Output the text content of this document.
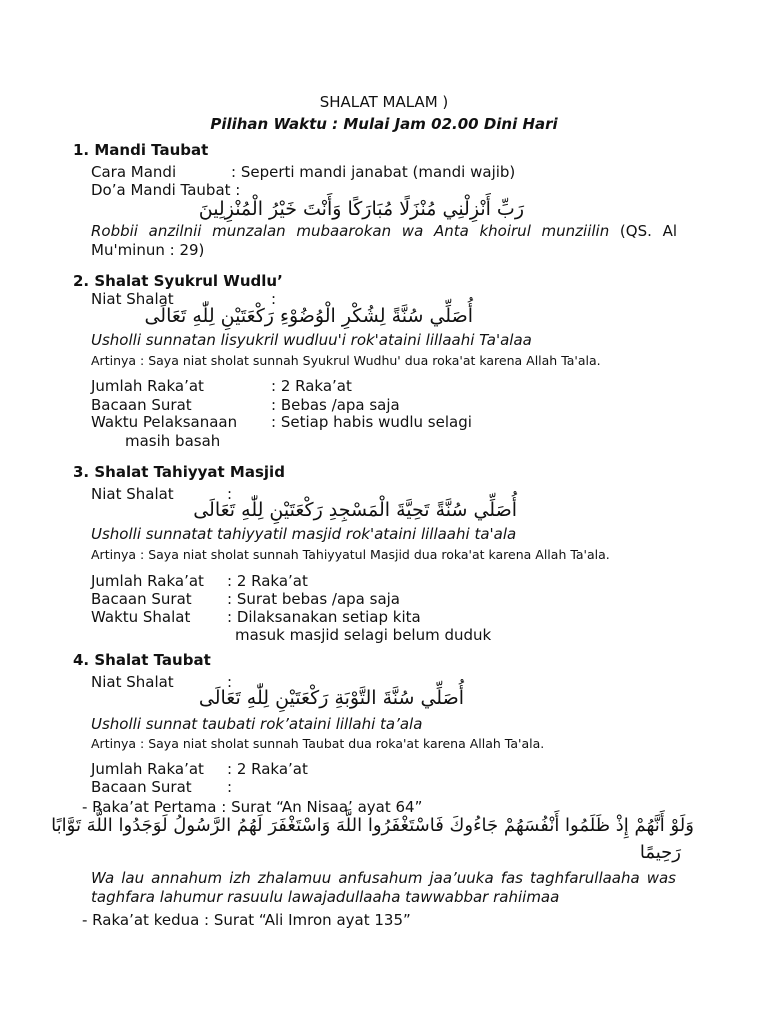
SHALAT MALAM )
Pilihan Waktu : Mulai Jam 02.00 Dini Hari
1. Mandi Taubat
Cara Mandi	: Seperti mandi janabat (mandi wajib)
Do’a Mandi Taubat :
رَبِّ أَنْزِلْنِي مُنْزَلًا مُبَارَكًا وَأَنْتَ خَيْرُ الْمُنْزِلِينَ
Robbii anzilnii munzalan mubaarokan wa Anta khoirul munziilin (QS. Al Mu'minun : 29)
2. Shalat Syukrul Wudlu’
Niat Shalat	:
أُصَلِّي سُنَّةً لِشُكْرِ الْوُضُوْءِ رَكْعَتَيْنِ لِلّٰهِ تَعَالَى
Usholli sunnatan lisyukril wudluu'i rok'ataini lillaahi Ta'alaa
Artinya : Saya niat sholat sunnah Syukrul Wudhu' dua roka'at karena Allah Ta'ala.
Jumlah Raka’at	: 2 Raka’at
Bacaan Surat	: Bebas /apa saja
Waktu Pelaksanaan : Setiap habis wudlu selagi
masih basah
3. Shalat Tahiyyat Masjid
Niat Shalat	:
أُصَلِّي سُنَّةً تَحِيَّةَ الْمَسْجِدِ رَكْعَتَيْنِ لِلّٰهِ تَعَالَى
Usholli sunnatat tahiyyatil masjid rok'ataini lillaahi ta'ala
Artinya : Saya niat sholat sunnah Tahiyyatul Masjid dua roka'at karena Allah Ta'ala.
Jumlah Raka’at : 2 Raka’at
Bacaan Surat : Surat bebas /apa saja
Waktu Shalat : Dilaksanakan setiap kita
masuk masjid selagi belum duduk
4. Shalat Taubat
Niat Shalat	:
أُصَلِّي سُنَّةَ التَّوْبَةِ رَكْعَتَيْنِ لِلّٰهِ تَعَالَى
Usholli sunnat taubati rok’ataini lillahi ta’ala
Artinya : Saya niat sholat sunnah Taubat dua roka'at karena Allah Ta'ala.
Jumlah Raka’at : 2 Raka’at
Bacaan Surat :
- Raka’at Pertama : Surat “An Nisaa’ ayat 64”
وَلَوْ أَنَّهُمْ إِذْ ظَلَمُوا أَنْفُسَهُمْ جَاءُوكَ فَاسْتَغْفَرُوا اللَّهَ وَاسْتَغْفَرَ لَهُمُ الرَّسُولُ لَوَجَدُوا اللَّهَ تَوَّابًا
رَحِيمًا
Wa lau annahum izh zhalamuu anfusahum jaa’uuka fas taghfarullaaha was taghfara lahumur rasuulu lawajadullaaha tawwabbar rahiimaa
- Raka’at kedua : Surat “Ali Imron ayat 135”
